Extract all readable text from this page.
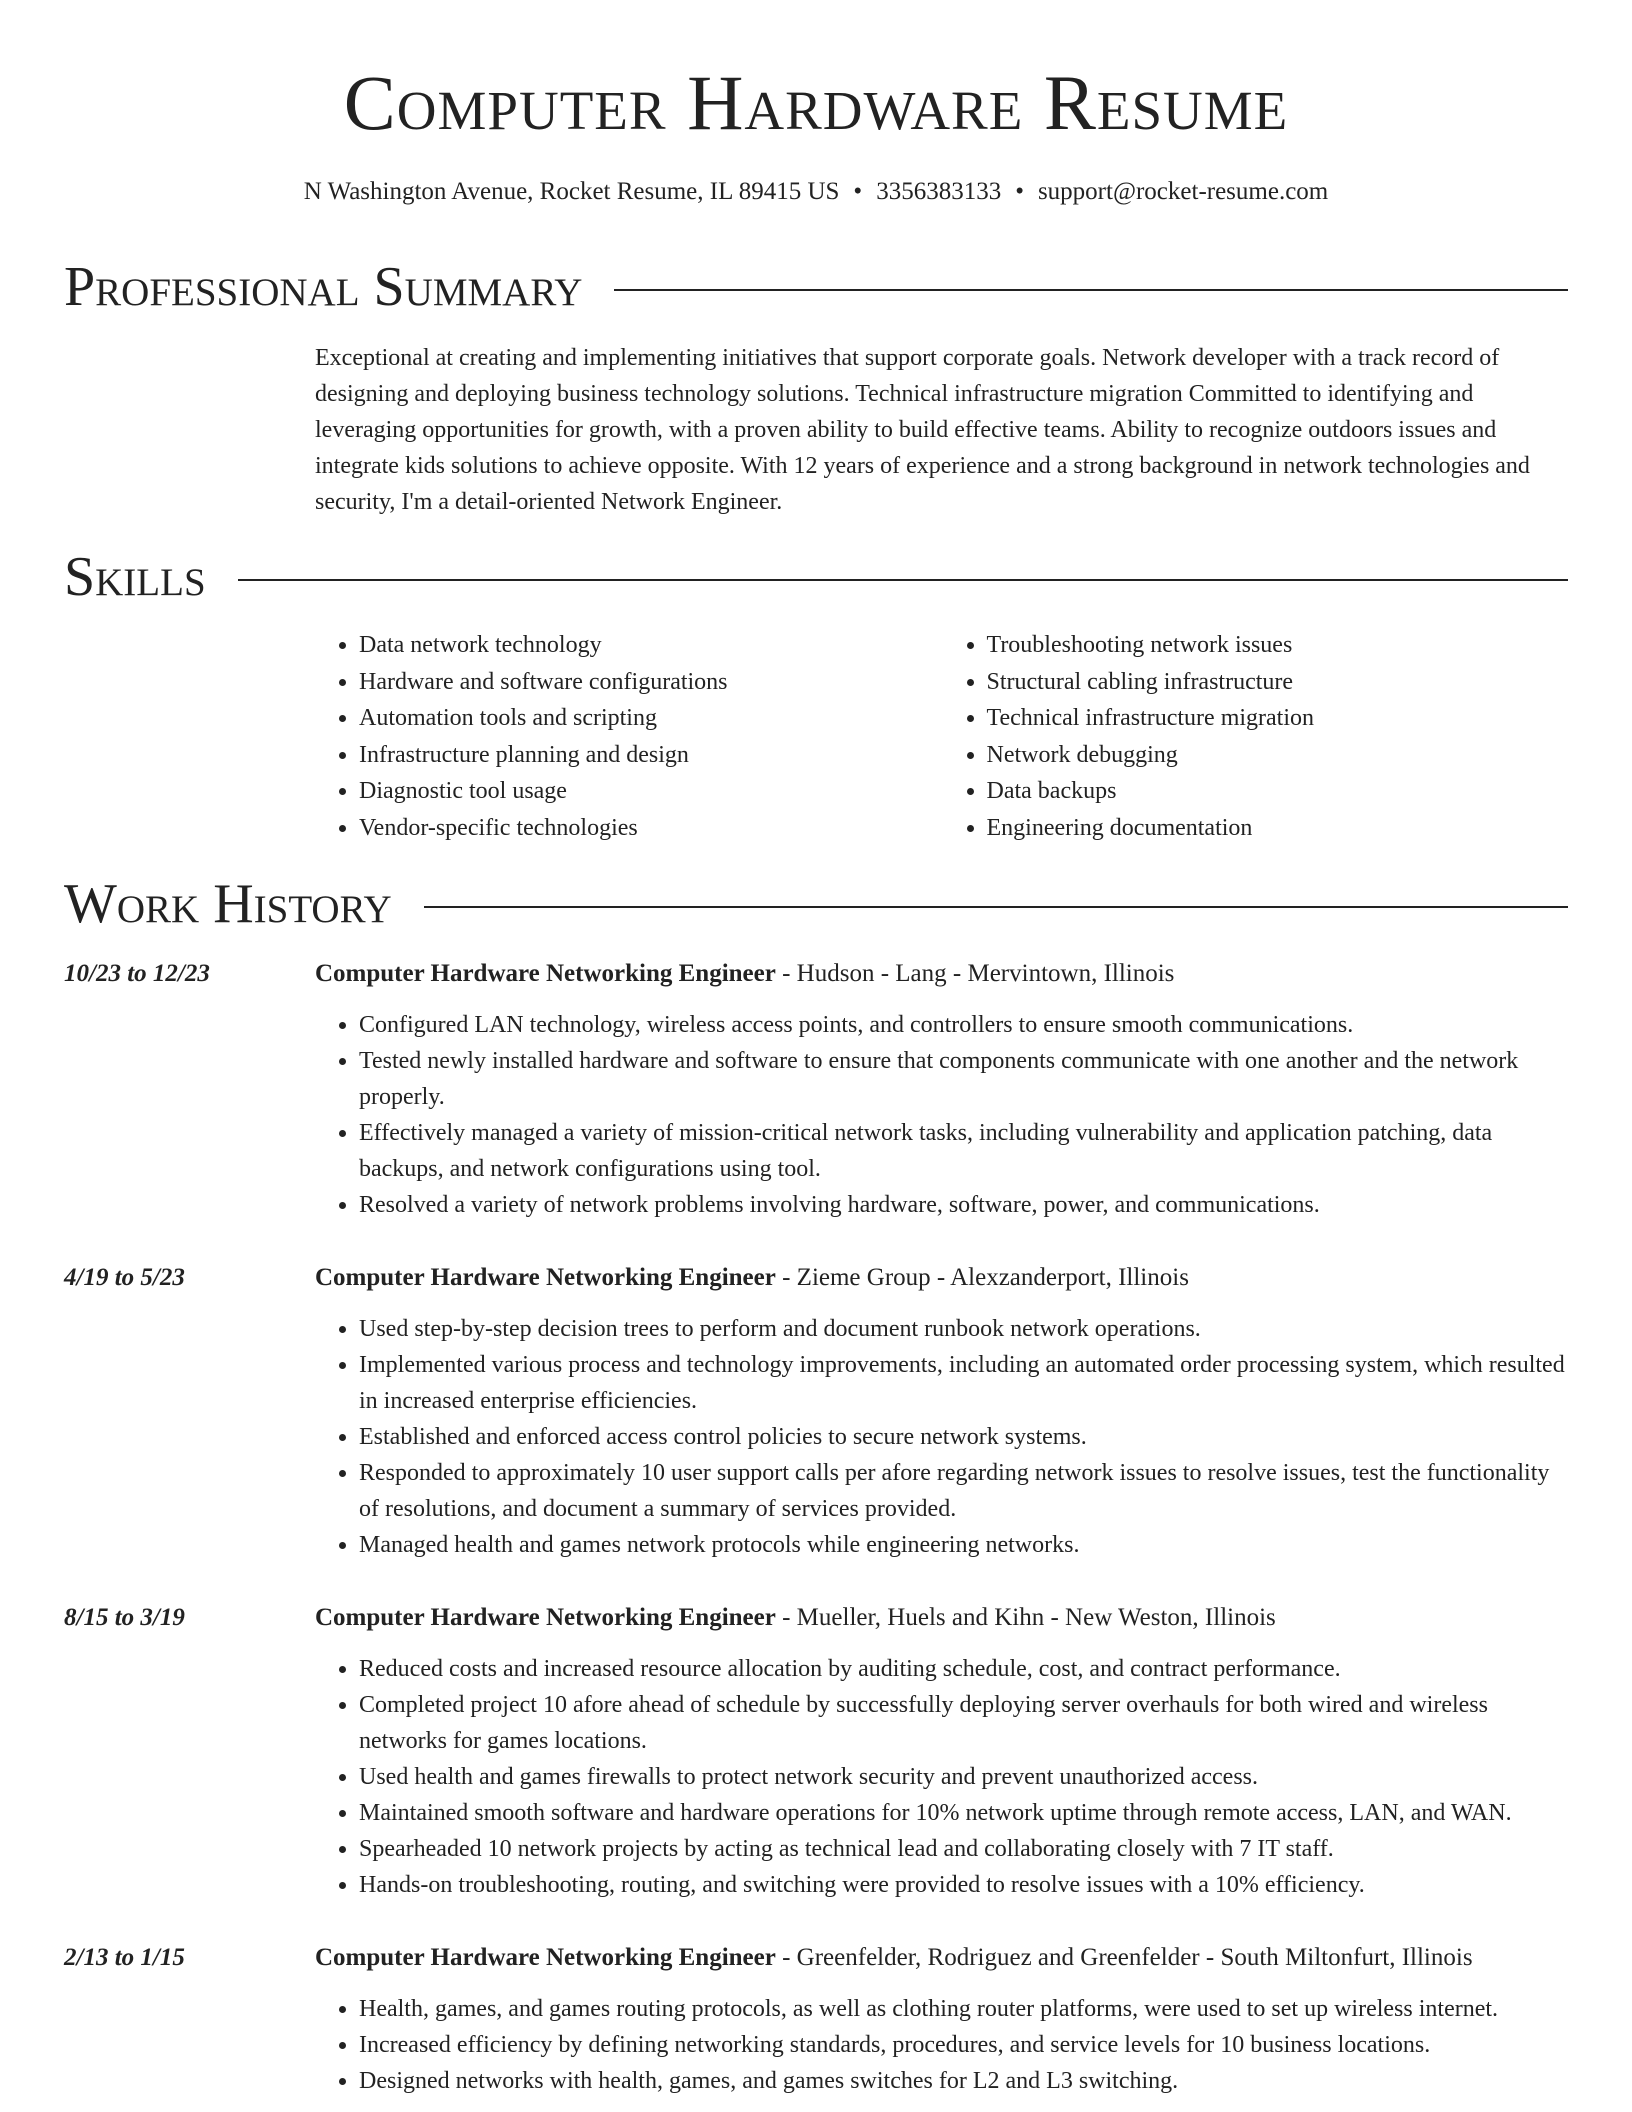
Computer Hardware Resume
N Washington Avenue, Rocket Resume, IL 89415 US • 3356383133 • support@rocket-resume.com
Professional Summary

Exceptional at creating and implementing initiatives that support corporate goals. Network developer with a track record of designing and deploying business technology solutions. Technical infrastructure migration Committed to identifying and leveraging opportunities for growth, with a proven ability to build effective teams. Ability to recognize outdoors issues and integrate kids solutions to achieve opposite. With 12 years of experience and a strong background in network technologies and security, I'm a detail-oriented Network Engineer.

Skills
• Data network technology
• Hardware and software configurations
• Automation tools and scripting
• Infrastructure planning and design
• Diagnostic tool usage
• Vendor-specific technologies
• Troubleshooting network issues
• Structural cabling infrastructure
• Technical infrastructure migration
• Network debugging
• Data backups
• Engineering documentation
Work History
10/23 to 12/23	Computer Hardware Networking Engineer - Hudson - Lang - Mervintown, Illinois
• Configured LAN technology, wireless access points, and controllers to ensure smooth communications.
• Tested newly installed hardware and software to ensure that components communicate with one another and the network properly.
• Effectively managed a variety of mission-critical network tasks, including vulnerability and application patching, data backups, and network configurations using tool.
• Resolved a variety of network problems involving hardware, software, power, and communications.
4/19 to 5/23	Computer Hardware Networking Engineer - Zieme Group - Alexzanderport, Illinois
• Used step-by-step decision trees to perform and document runbook network operations.
• Implemented various process and technology improvements, including an automated order processing system, which resulted in increased enterprise efficiencies.
• Established and enforced access control policies to secure network systems.
• Responded to approximately 10 user support calls per afore regarding network issues to resolve issues, test the functionality of resolutions, and document a summary of services provided.
• Managed health and games network protocols while engineering networks.
8/15 to 3/19	Computer Hardware Networking Engineer - Mueller, Huels and Kihn - New Weston, Illinois
• Reduced costs and increased resource allocation by auditing schedule, cost, and contract performance.
• Completed project 10 afore ahead of schedule by successfully deploying server overhauls for both wired and wireless networks for games locations.
• Used health and games firewalls to protect network security and prevent unauthorized access.
• Maintained smooth software and hardware operations for 10% network uptime through remote access, LAN, and WAN.
• Spearheaded 10 network projects by acting as technical lead and collaborating closely with 7 IT staff.
• Hands-on troubleshooting, routing, and switching were provided to resolve issues with a 10% efficiency.
2/13 to 1/15	Computer Hardware Networking Engineer - Greenfelder, Rodriguez and Greenfelder - South Miltonfurt, Illinois
• Health, games, and games routing protocols, as well as clothing router platforms, were used to set up wireless internet.
• Increased efficiency by defining networking standards, procedures, and service levels for 10 business locations.
• Designed networks with health, games, and games switches for L2 and L3 switching.
